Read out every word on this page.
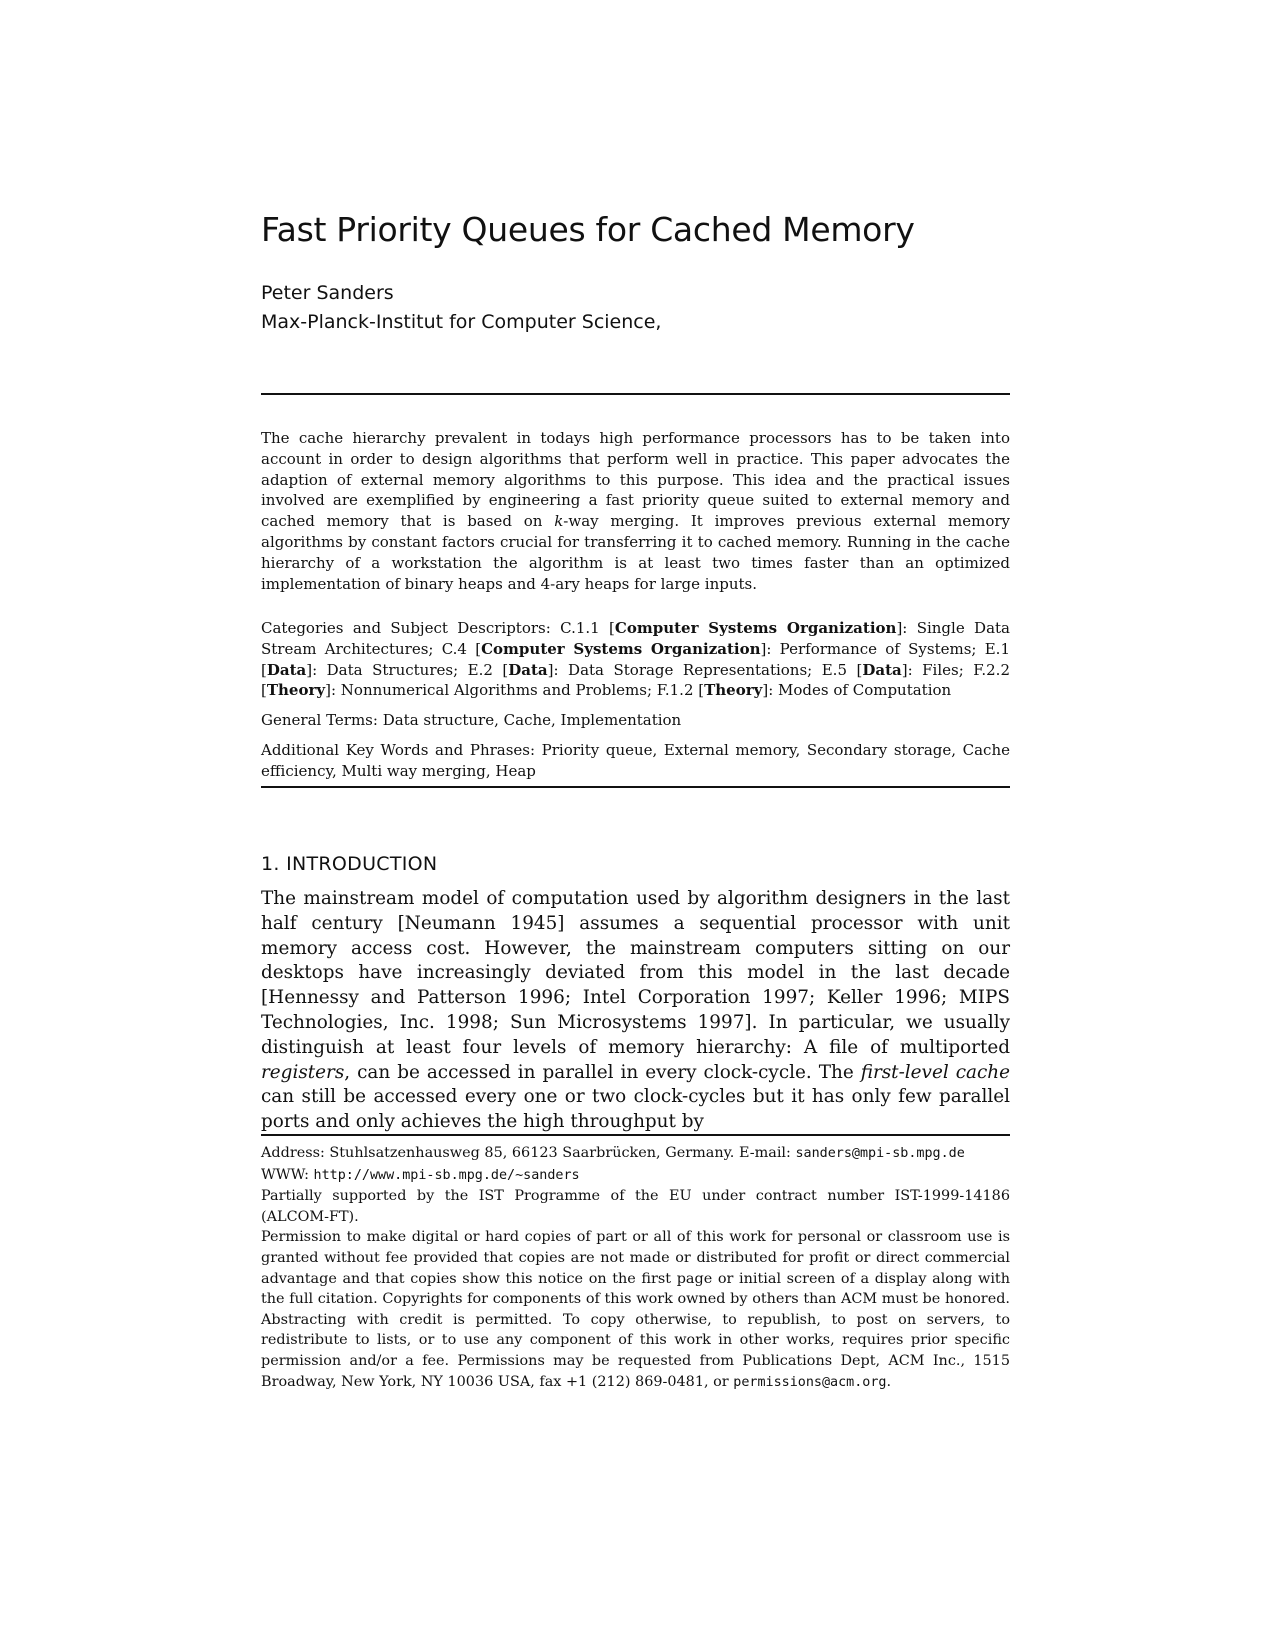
Fast Priority Queues for Cached Memory
Peter Sanders
Max-Planck-Institut for Computer Science,

The cache hierarchy prevalent in todays high performance processors has to be taken into account in order to design algorithms that perform well in practice. This paper advocates the adaption of external memory algorithms to this purpose. This idea and the practical issues involved are exemplified by engineering a fast priority queue suited to external memory and cached memory that is based on k-way merging. It improves previous external memory algorithms by constant factors crucial for transferring it to cached memory. Running in the cache hierarchy of a workstation the algorithm is at least two times faster than an optimized implementation of binary heaps and 4-ary heaps for large inputs.

Categories and Subject Descriptors: C.1.1 [Computer Systems Organization]: Single Data Stream Architectures; C.4 [Computer Systems Organization]: Performance of Systems; E.1 [Data]: Data Structures; E.2 [Data]: Data Storage Representations; E.5 [Data]: Files; F.2.2 [Theory]: Nonnumerical Algorithms and Problems; F.1.2 [Theory]: Modes of Computation

General Terms: Data structure, Cache, Implementation

Additional Key Words and Phrases: Priority queue, External memory, Secondary storage, Cache efficiency, Multi way merging, Heap

1. INTRODUCTION

The mainstream model of computation used by algorithm designers in the last half century [Neumann 1945] assumes a sequential processor with unit memory access cost. However, the mainstream computers sitting on our desktops have increasingly deviated from this model in the last decade [Hennessy and Patterson 1996; Intel Corporation 1997; Keller 1996; MIPS Technologies, Inc. 1998; Sun Microsystems 1997]. In particular, we usually distinguish at least four levels of memory hierarchy: A file of multiported registers, can be accessed in parallel in every clock-cycle. The first-level cache can still be accessed every one or two clock-cycles but it has only few parallel ports and only achieves the high throughput by

Address: Stuhlsatzenhausweg 85, 66123 Saarbrücken, Germany. E-mail: sanders@mpi-sb.mpg.de
WWW: http://www.mpi-sb.mpg.de/~sanders

Partially supported by the IST Programme of the EU under contract number IST-1999-14186 (ALCOM-FT).

Permission to make digital or hard copies of part or all of this work for personal or classroom use is granted without fee provided that copies are not made or distributed for profit or direct commercial advantage and that copies show this notice on the first page or initial screen of a display along with the full citation. Copyrights for components of this work owned by others than ACM must be honored. Abstracting with credit is permitted. To copy otherwise, to republish, to post on servers, to redistribute to lists, or to use any component of this work in other works, requires prior specific permission and/or a fee. Permissions may be requested from Publications Dept, ACM Inc., 1515 Broadway, New York, NY 10036 USA, fax +1 (212) 869-0481, or permissions@acm.org.
